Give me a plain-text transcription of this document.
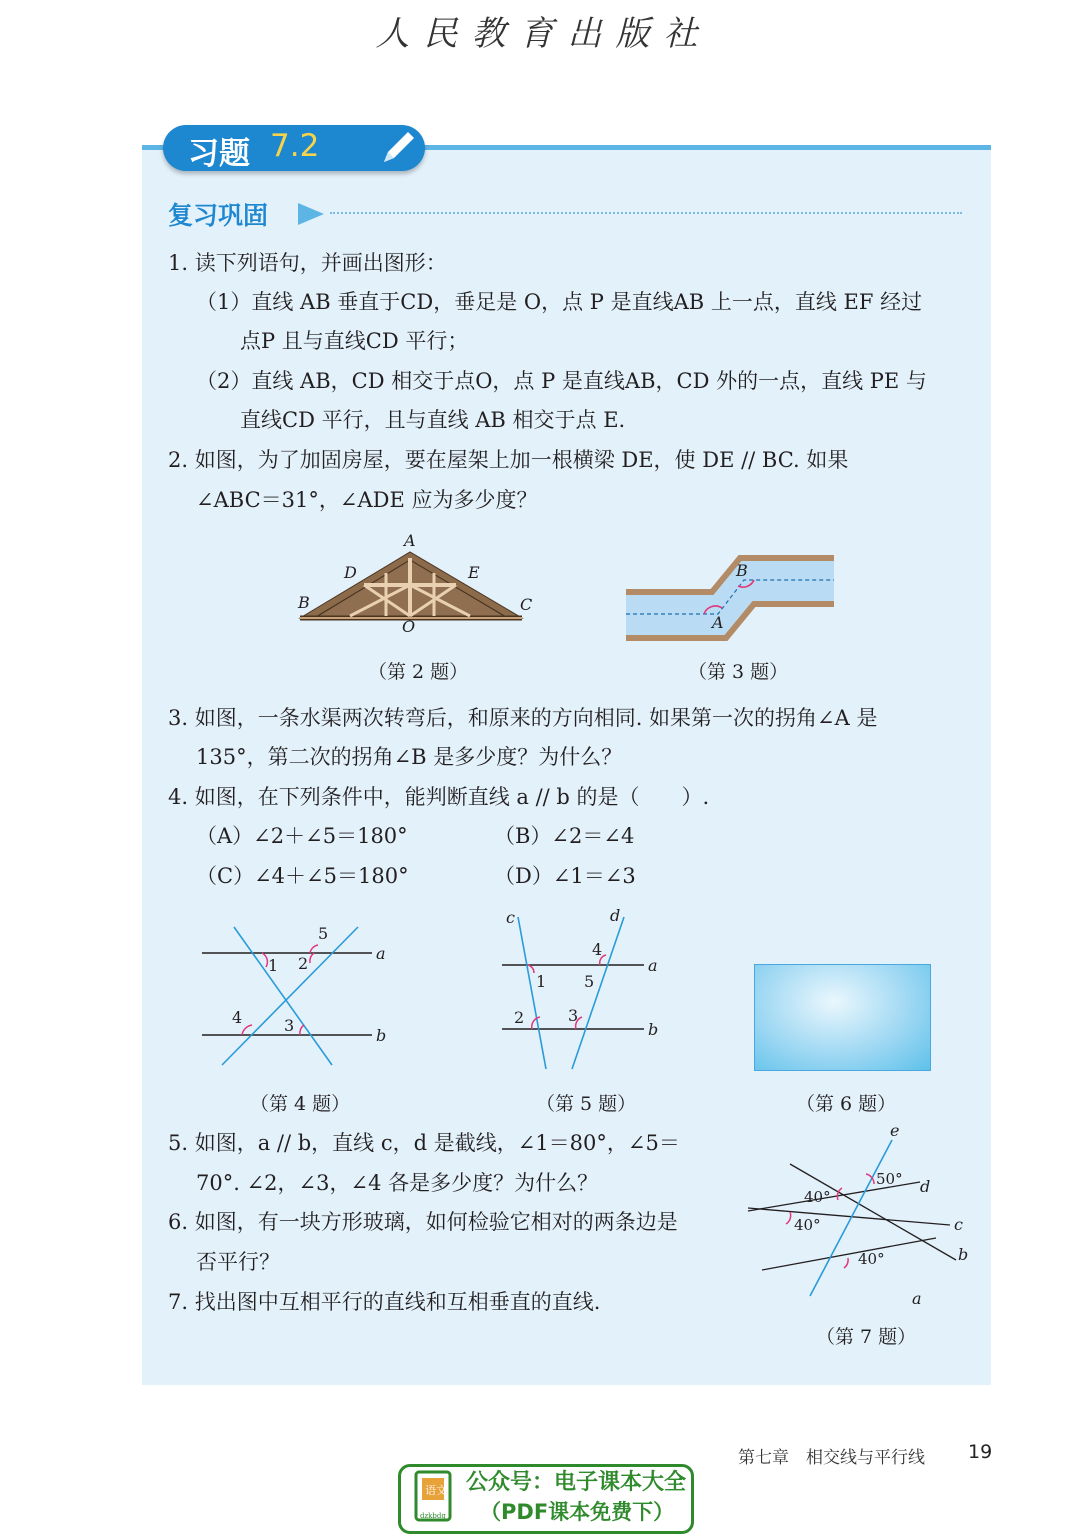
人民教育出版社
习题 7.2
复习巩固
1. 读下列语句，并画出图形：
（1）直线 AB 垂直于CD，垂足是 O，点 P 是直线AB 上一点，直线 EF 经过
点P 且与直线CD 平行；
（2）直线 AB，CD 相交于点O，点 P 是直线AB，CD 外的一点，直线 PE 与
直线CD 平行，且与直线 AB 相交于点 E.
2. 如图，为了加固房屋，要在屋架上加一根横梁 DE，使 DE // BC. 如果
∠ABC＝31°，∠ADE 应为多少度？
A
B	C
D	E
O	A
B
（第 2 题）	（第 3 题）
3. 如图，一条水渠两次转弯后，和原来的方向相同. 如果第一次的拐角∠A 是
135°，第二次的拐角∠B 是多少度？为什么？
4. 如图，在下列条件中，能判断直线 a // b 的是（　　）.
（A）∠2＋∠5＝180°	（B）∠2＝∠4
（C）∠4＋∠5＝180°	（D）∠1＝∠3
a
b
1 2
3
4
5
a
b
c	d
1
2	3
4
5
（第 4 题）	（第 5 题）	（第 6 题）
5. 如图，a // b，直线 c，d 是截线，∠1＝80°，∠5＝
70°. ∠2，∠3，∠4 各是多少度？为什么？
6. 如图，有一块方形玻璃，如何检验它相对的两条边是
否平行？
7. 找出图中互相平行的直线和互相垂直的直线.
e
d
c
b
a
50°
40°
40°
40°
（第 7 题）
第七章　相交线与平行线 19
语文
dzkbdq
公众号：电子课本大全
（PDF课本免费下）
